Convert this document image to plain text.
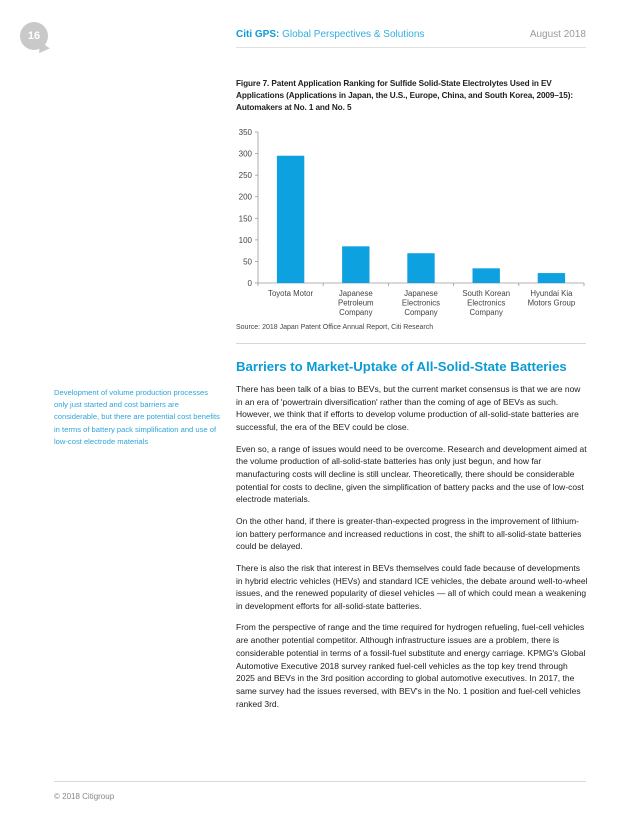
16	Citi GPS: Global Perspectives & Solutions	August 2018
Figure 7. Patent Application Ranking for Sulfide Solid-State Electrolytes Used in EV Applications (Applications in Japan, the U.S., Europe, China, and South Korea, 2009–15): Automakers at No. 1 and No. 5
0
50
100
150
200
250
300
350
Toyota Motor	Japanese Petroleum Company
Japanese Electronics Company
South Korean Electronics Company
Hyundai Kia Motors Group
Source: 2018 Japan Patent Office Annual Report, Citi Research
Barriers to Market-Uptake of All-Solid-State Batteries
Development of volume production processes only just started and cost barriers are considerable, but there are potential cost benefits in terms of battery pack simplification and use of low-cost electrode materials

There has been talk of a bias to BEVs, but the current market consensus is that we are now in an era of 'powertrain diversification' rather than the coming of age of BEVs as such. However, we think that if efforts to develop volume production of all-solid-state batteries are successful, the era of the BEV could be close.

Even so, a range of issues would need to be overcome. Research and development aimed at the volume production of all-solid-state batteries has only just begun, and how far manufacturing costs will decline is still unclear. Theoretically, there should be considerable potential for costs to decline, given the simplification of battery packs and the use of low-cost electrode materials.

On the other hand, if there is greater-than-expected progress in the improvement of lithium-ion battery performance and increased reductions in cost, the shift to all-solid-state batteries could be delayed.

There is also the risk that interest in BEVs themselves could fade because of developments in hybrid electric vehicles (HEVs) and standard ICE vehicles, the debate around well-to-wheel issues, and the renewed popularity of diesel vehicles — all of which could mean a weakening in development efforts for all-solid-state batteries.

From the perspective of range and the time required for hydrogen refueling, fuel-cell vehicles are another potential competitor. Although infrastructure issues are a problem, there is considerable potential in terms of a fossil-fuel substitute and energy carriage. KPMG's Global Automotive Executive 2018 survey ranked fuel-cell vehicles as the top key trend through 2025 and BEVs in the 3rd position according to global automotive executives. In 2017, the same survey had the issues reversed, with BEV's in the No. 1 position and fuel-cell vehicles ranked 3rd.

© 2018 Citigroup
